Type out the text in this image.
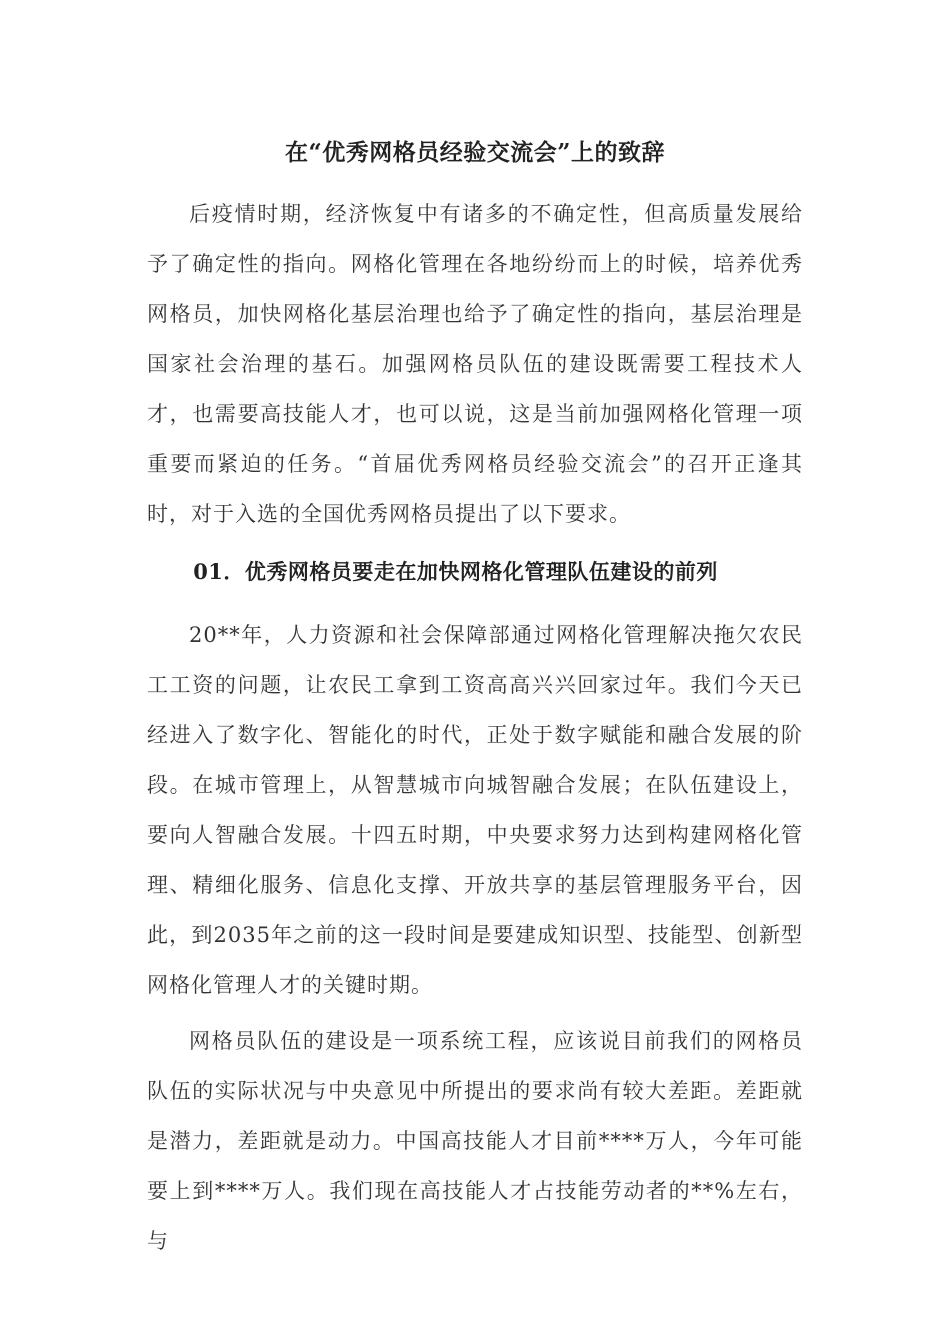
在“优秀网格员经验交流会”上的致辞

后疫情时期，经济恢复中有诸多的不确定性，但高质量发展给予了确定性的指向。网格化管理在各地纷纷而上的时候，培养优秀网格员，加快网格化基层治理也给予了确定性的指向，基层治理是国家社会治理的基石。加强网格员队伍的建设既需要工程技术人才，也需要高技能人才，也可以说，这是当前加强网格化管理一项重要而紧迫的任务。“首届优秀网格员经验交流会”的召开正逢其时，对于入选的全国优秀网格员提出了以下要求。

01．优秀网格员要走在加快网格化管理队伍建设的前列

20**年，人力资源和社会保障部通过网格化管理解决拖欠农民工工资的问题，让农民工拿到工资高高兴兴回家过年。我们今天已经进入了数字化、智能化的时代，正处于数字赋能和融合发展的阶段。在城市管理上，从智慧城市向城智融合发展；在队伍建设上，要向人智融合发展。十四五时期，中央要求努力达到构建网格化管理、精细化服务、信息化支撑、开放共享的基层管理服务平台，因此，到2035年之前的这一段时间是要建成知识型、技能型、创新型网格化管理人才的关键时期。

网格员队伍的建设是一项系统工程，应该说目前我们的网格员队伍的实际状况与中央意见中所提出的要求尚有较大差距。差距就是潜力，差距就是动力。中国高技能人才目前****万人，今年可能要上到****万人。我们现在高技能人才占技能劳动者的**%左右，与
